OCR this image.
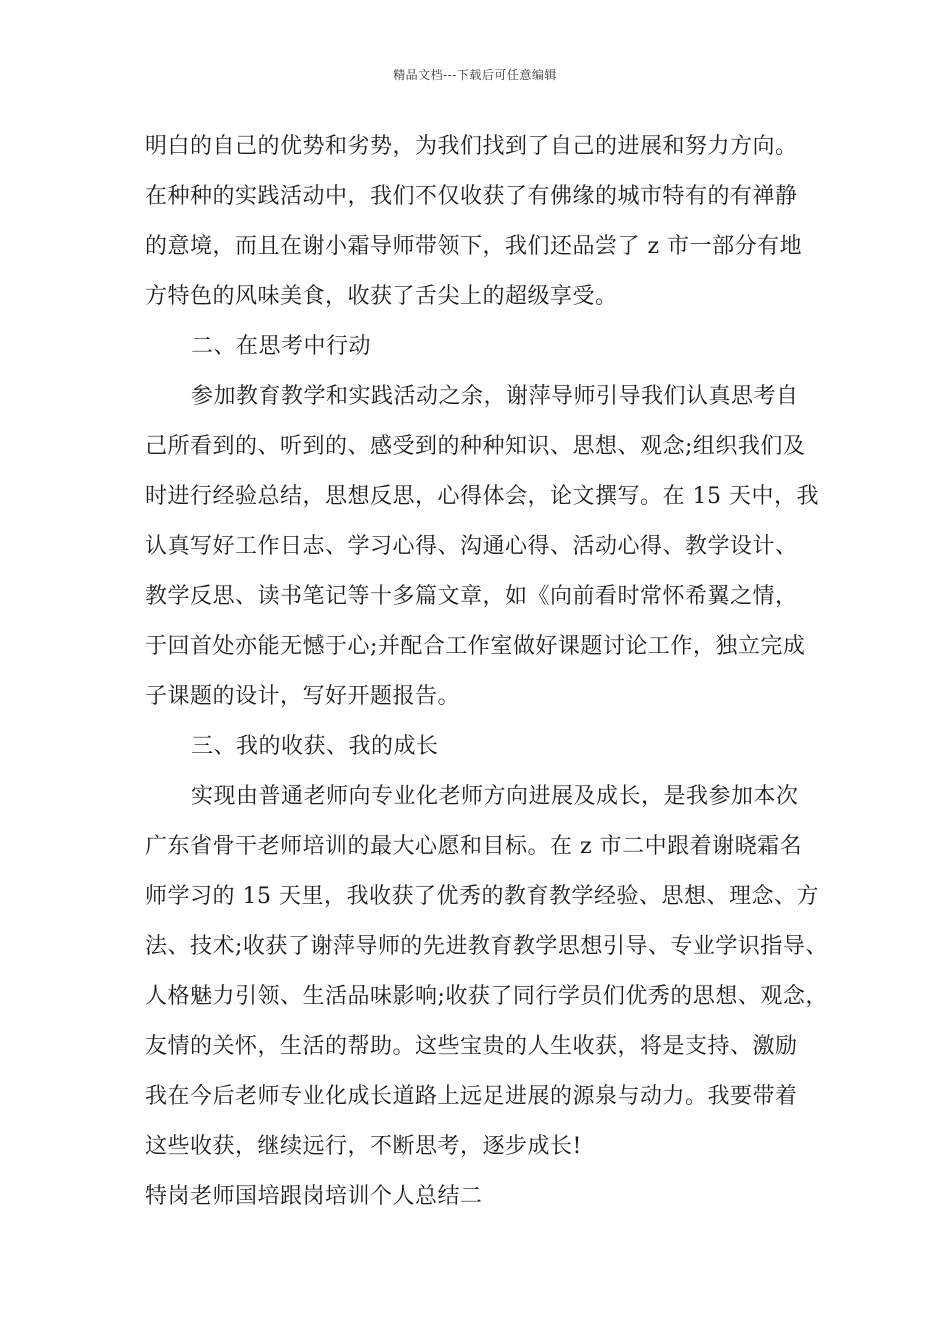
精品文档---下载后可任意编辑
明白的自己的优势和劣势，为我们找到了自己的进展和努力方向。
在种种的实践活动中，我们不仅收获了有佛缘的城市特有的有禅静
的意境，而且在谢小霜导师带领下，我们还品尝了 z 市一部分有地
方特色的风味美食，收获了舌尖上的超级享受。
二、在思考中行动
参加教育教学和实践活动之余，谢萍导师引导我们认真思考自
己所看到的、听到的、感受到的种种知识、思想、观念;组织我们及
时进行经验总结，思想反思，心得体会，论文撰写。在 15 天中，我
认真写好工作日志、学习心得、沟通心得、活动心得、教学设计、
教学反思、读书笔记等十多篇文章，如《向前看时常怀希翼之情，
于回首处亦能无憾于心;并配合工作室做好课题讨论工作，独立完成
子课题的设计，写好开题报告。
三、我的收获、我的成长
实现由普通老师向专业化老师方向进展及成长，是我参加本次
广东省骨干老师培训的最大心愿和目标。在 z 市二中跟着谢晓霜名
师学习的 15 天里，我收获了优秀的教育教学经验、思想、理念、方
法、技术;收获了谢萍导师的先进教育教学思想引导、专业学识指导、
人格魅力引领、生活品味影响;收获了同行学员们优秀的思想、观念，
友情的关怀，生活的帮助。这些宝贵的人生收获，将是支持、激励
我在今后老师专业化成长道路上远足进展的源泉与动力。我要带着
这些收获，继续远行，不断思考，逐步成长!
特岗老师国培跟岗培训个人总结二
